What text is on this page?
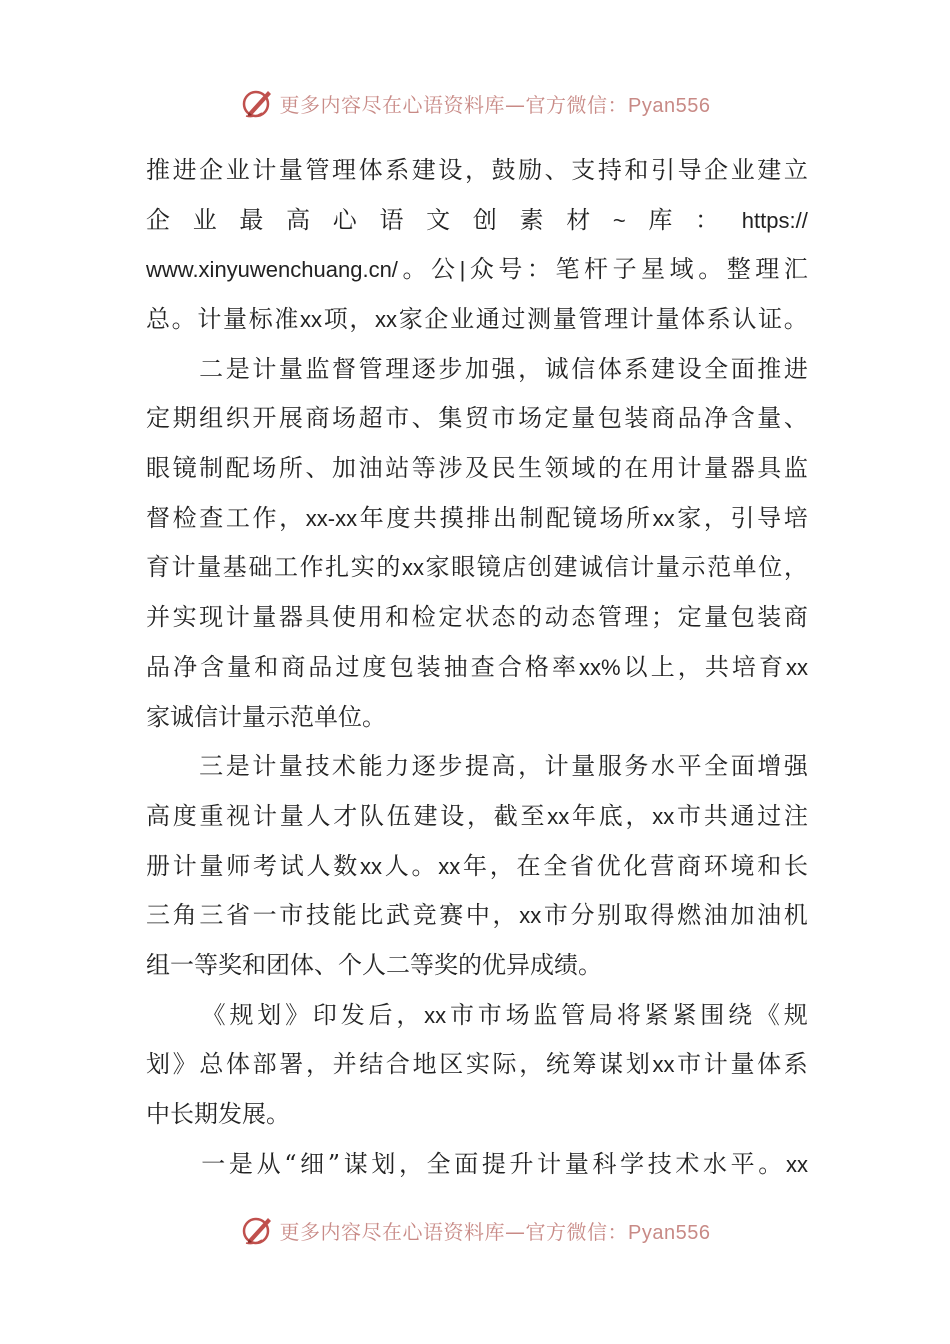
更多内容尽在心语资料库—官方微信：Pyan556
推 进 企 业 计 量 管 理 体 系 建 设 ， 鼓 励 、 支 持 和 引 导 企 业 建 立
企 业 最 高 心 语 文 创 素 材 ~ 库 ： https://
www.xinyuwenchuang.cn/ 。 公 | 众 号 ： 笔 杆 子 星 域 。 整 理 汇
总 。 计 量 标 准 xx 项 ， xx 家 企 业 通 过 测 量 管 理 计 量 体 系 认 证 。

二 是 计 量 监 督 管 理 逐 步 加 强 ， 诚 信 体 系 建 设 全 面 推 进
定 期 组 织 开 展 商 场 超 市 、 集 贸 市 场 定 量 包 装 商 品 净 含 量 、
眼 镜 制 配 场 所 、 加 油 站 等 涉 及 民 生 领 域 的 在 用 计 量 器 具 监
督 检 查 工 作 ， xx-xx 年 度 共 摸 排 出 制 配 镜 场 所 xx 家 ， 引 导 培
育 计 量 基 础 工 作 扎 实 的 xx 家 眼 镜 店 创 建 诚 信 计 量 示 范 单 位 ，
并 实 现 计 量 器 具 使 用 和 检 定 状 态 的 动 态 管 理 ； 定 量 包 装 商
品 净 含 量 和 商 品 过 度 包 装 抽 查 合 格 率 xx% 以 上 ， 共 培 育 xx
家 诚 信 计 量 示 范 单 位 。

三 是 计 量 技 术 能 力 逐 步 提 高 ， 计 量 服 务 水 平 全 面 增 强
高 度 重 视 计 量 人 才 队 伍 建 设 ， 截 至 xx 年 底 ， xx 市 共 通 过 注
册 计 量 师 考 试 人 数 xx 人 。 xx 年 ， 在 全 省 优 化 营 商 环 境 和 长
三 角 三 省 一 市 技 能 比 武 竞 赛 中 ， xx 市 分 别 取 得 燃 油 加 油 机
组 一 等 奖 和 团 体 、 个 人 二 等 奖 的 优 异 成 绩 。

《 规 划 》 印 发 后 ， xx 市 市 场 监 管 局 将 紧 紧 围 绕 《 规
划 》 总 体 部 署 ， 并 结 合 地 区 实 际 ， 统 筹 谋 划 xx 市 计 量 体 系
中 长 期 发 展 。

一 是 从 “ 细 ” 谋 划 ， 全 面 提 升 计 量 科 学 技 术 水 平 。 xx
更多内容尽在心语资料库—官方微信：Pyan556
